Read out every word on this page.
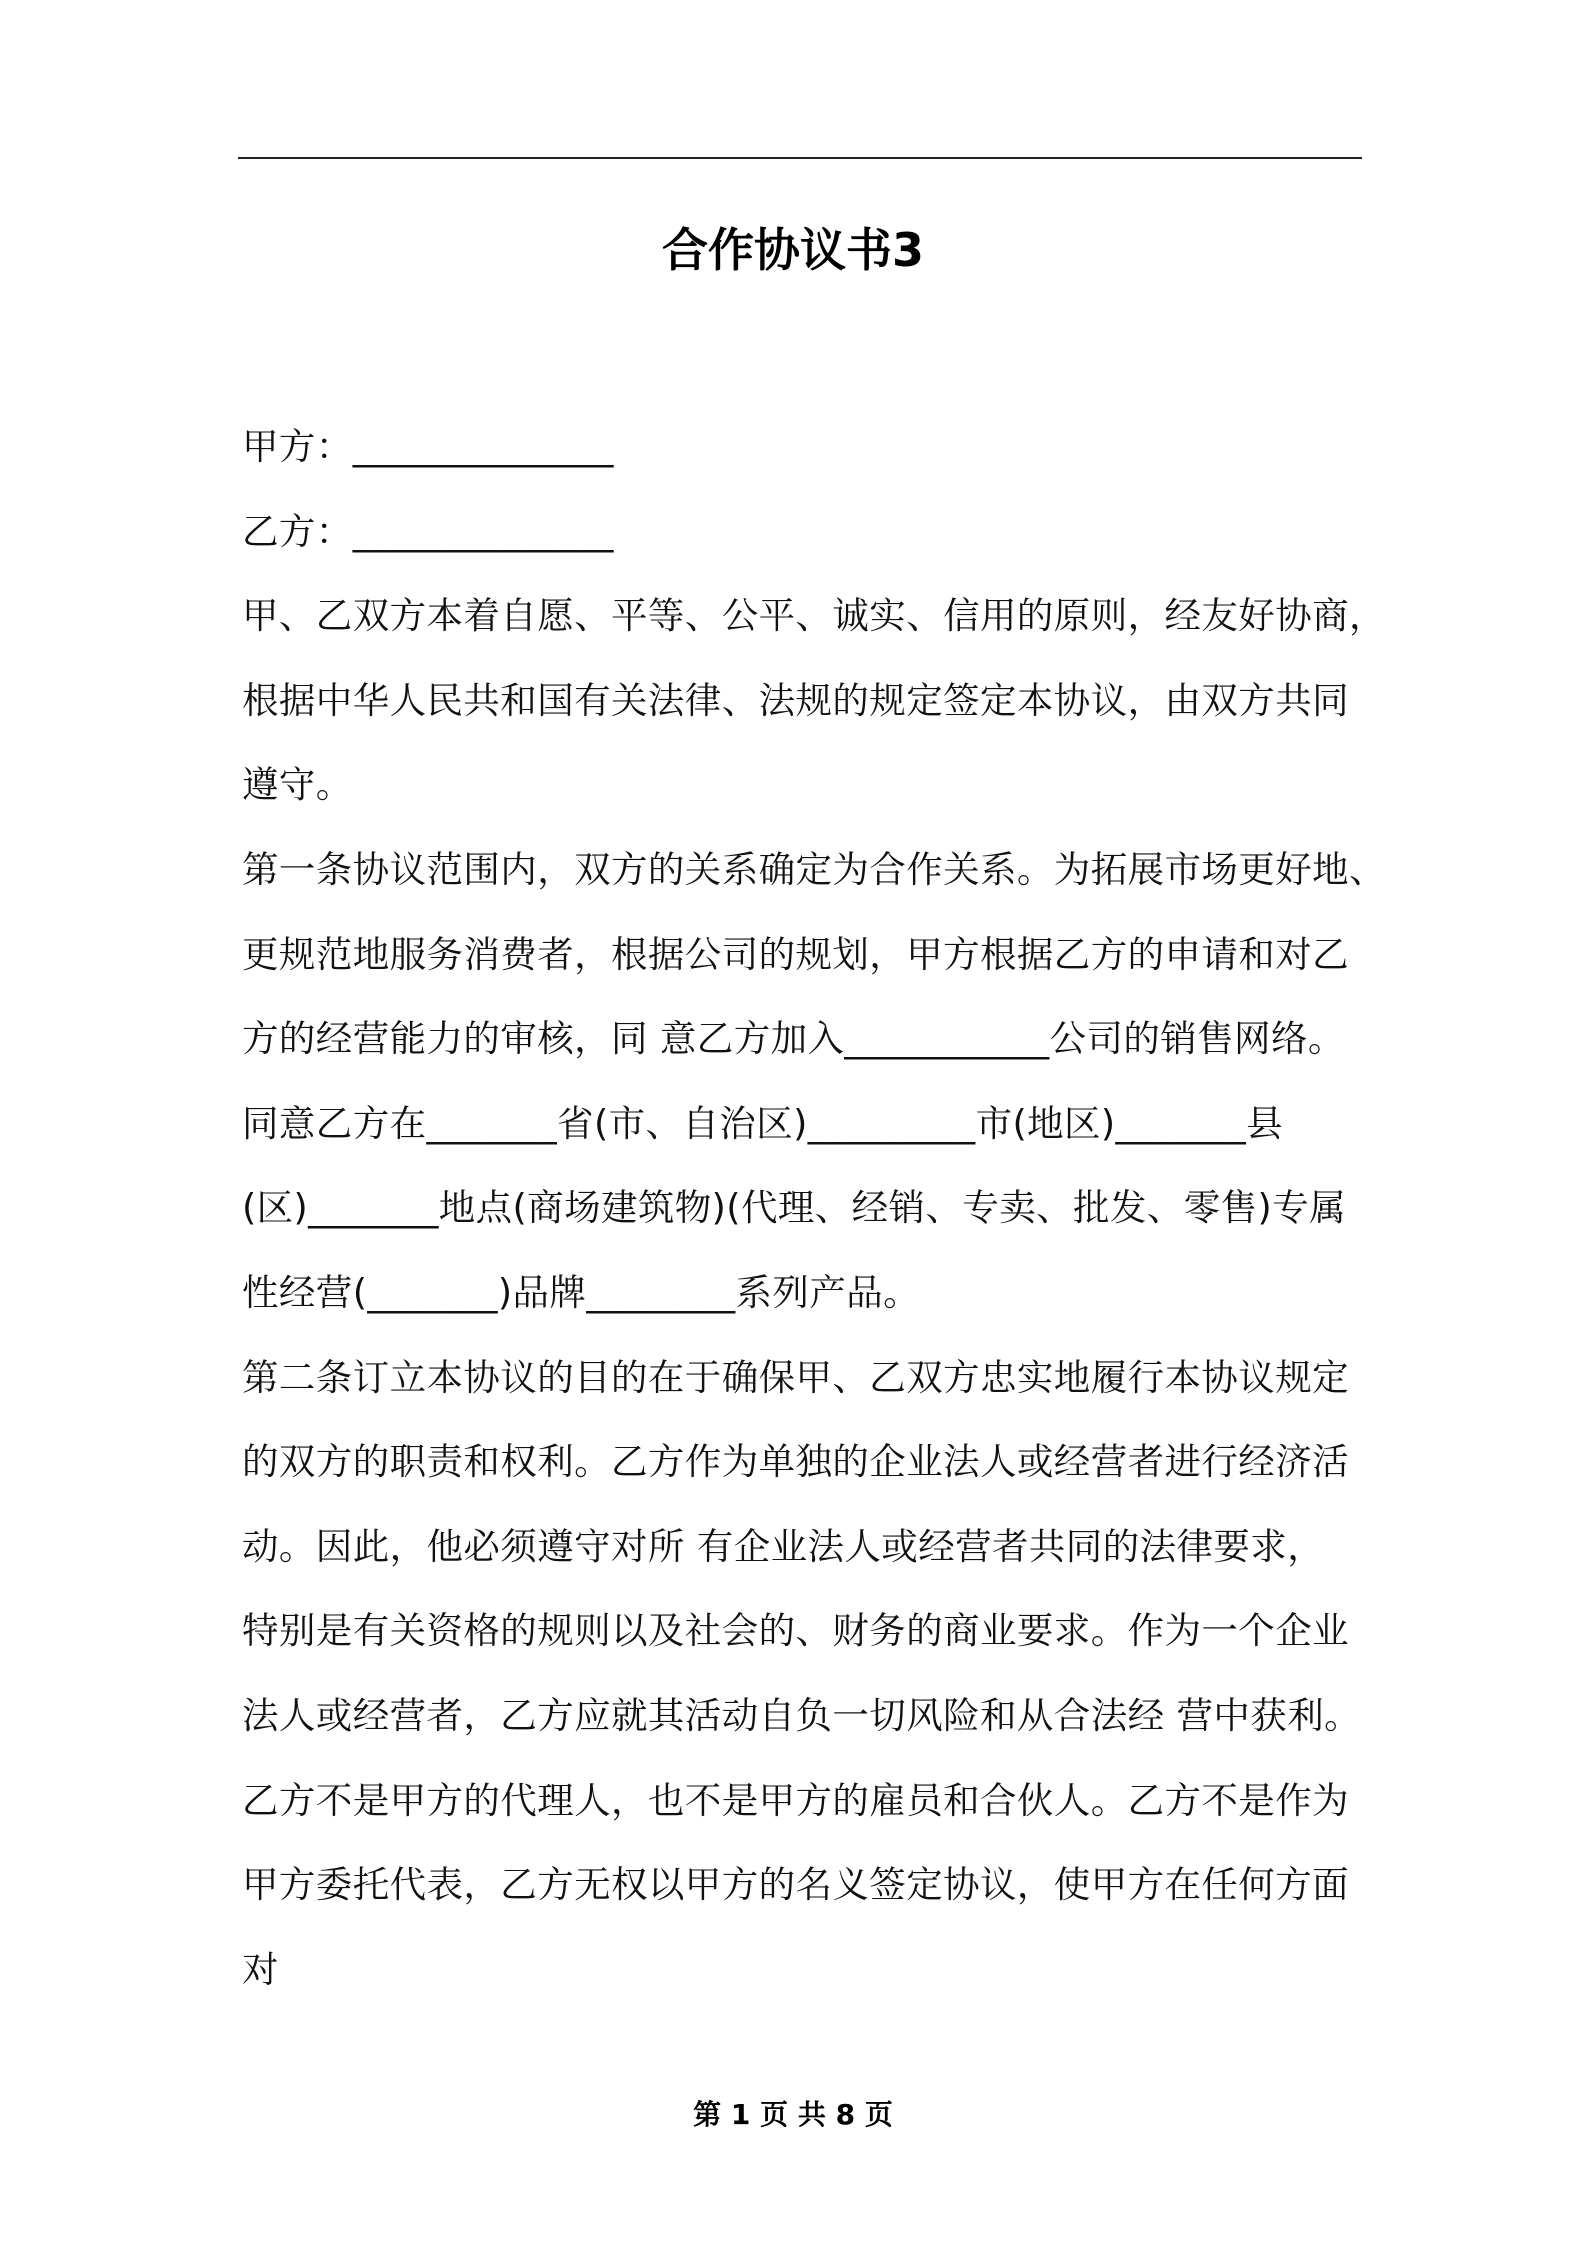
合作协议书3
甲方：______________
乙方：______________
甲、乙双方本着自愿、平等、公平、诚实、信用的原则，经友好协商，
根据中华人民共和国有关法律、法规的规定签定本协议，由双方共同
遵守。
第一条协议范围内，双方的关系确定为合作关系。为拓展市场更好地、
更规范地服务消费者，根据公司的规划，甲方根据乙方的申请和对乙
方的经营能力的审核，同 意乙方加入___________公司的销售网络。
同意乙方在_______省(市、自治区)_________市(地区)_______县
(区)_______地点(商场建筑物)(代理、经销、专卖、批发、零售)专属
性经营(_______)品牌________系列产品。
第二条订立本协议的目的在于确保甲、乙双方忠实地履行本协议规定
的双方的职责和权利。乙方作为单独的企业法人或经营者进行经济活
动。因此，他必须遵守对所 有企业法人或经营者共同的法律要求，
特别是有关资格的规则以及社会的、财务的商业要求。作为一个企业
法人或经营者，乙方应就其活动自负一切风险和从合法经 营中获利。
乙方不是甲方的代理人，也不是甲方的雇员和合伙人。乙方不是作为
甲方委托代表，乙方无权以甲方的名义签定协议，使甲方在任何方面
对
第 1 页 共 8 页
